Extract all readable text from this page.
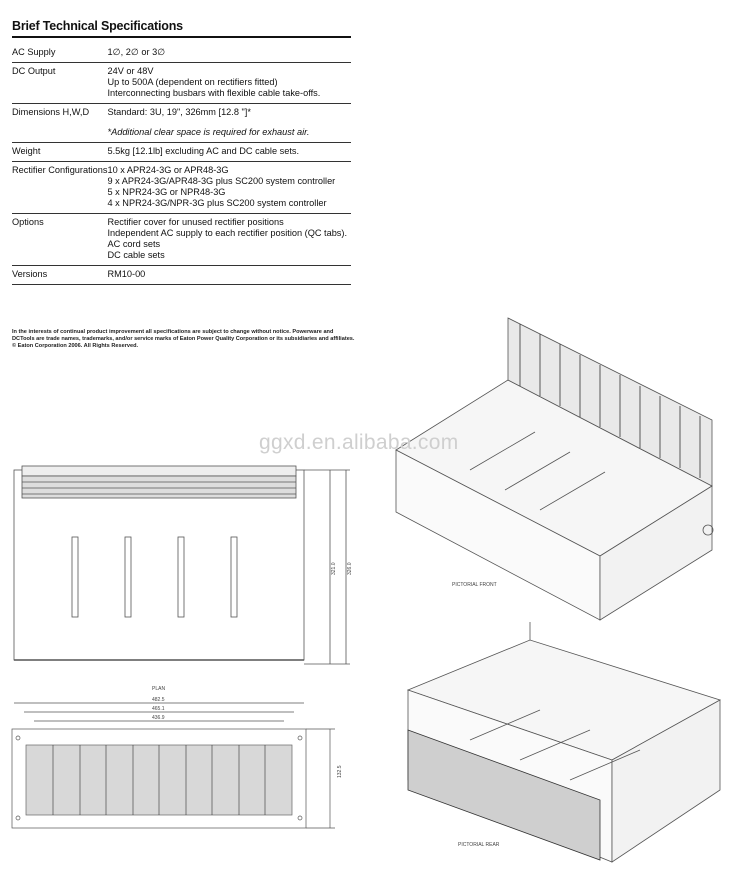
Brief Technical Specifications
AC Supply	1∅, 2∅ or 3∅

DC Output	24V or 48V
Up to 500A (dependent on rectifiers fitted)
Interconnecting busbars with flexible cable take-offs.

Dimensions H,W,D	Standard: 3U, 19", 326mm [12.8 "]*
*Additional clear space is required for exhaust air.

Weight	5.5kg [12.1lb] excluding AC and DC cable sets.

Rectifier Configurations	10 x APR24-3G or APR48-3G
9 x APR24-3G/APR48-3G plus SC200 system controller
5 x NPR24-3G or NPR48-3G
4 x NPR24-3G/NPR-3G plus SC200 system controller

Options	Rectifier cover for unused rectifier positions
Independent AC supply to each rectifier position (QC tabs).
AC cord sets
DC cable sets

Versions	RM10-00
In the interests of continual product improvement all specifications are subject to change without notice. Powerware and DCTools are trade names, trademarks, and/or service marks of Eaton Power Quality Corporation or its subsidiaries and affiliates. © Eaton Corporation 2006. All Rights Reserved.
321.0 326.0
PLAN
482.5
465.1
436.9
132.5
PICTORIAL FRONT
PICTORIAL REAR
ggxd.en.alibaba.com
